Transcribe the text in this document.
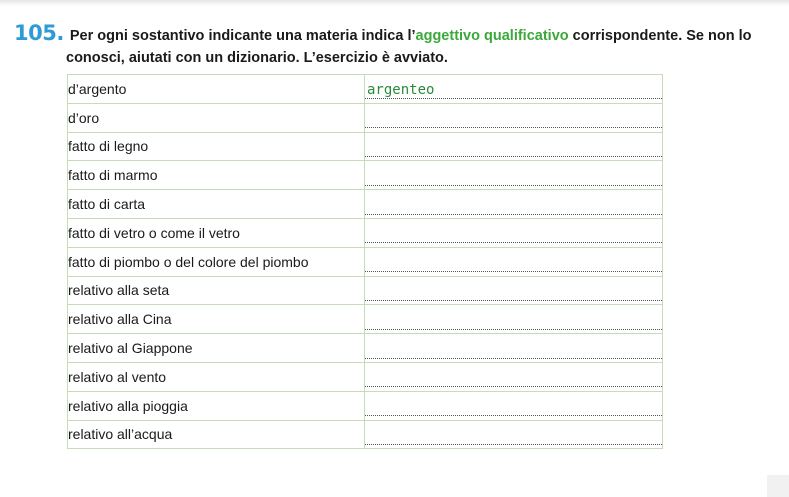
105. Per ogni sostantivo indicante una materia indica l’aggettivo qualificativo corrispondente. Se non lo
conosci, aiutati con un dizionario. L’esercizio è avviato.
d’argento	argenteo

d’oro	

fatto di legno	

fatto di marmo	

fatto di carta	

fatto di vetro o come il vetro	

fatto di piombo o del colore del piombo	

relativo alla seta	

relativo alla Cina	

relativo al Giappone	

relativo al vento	

relativo alla pioggia	

relativo all’acqua	
